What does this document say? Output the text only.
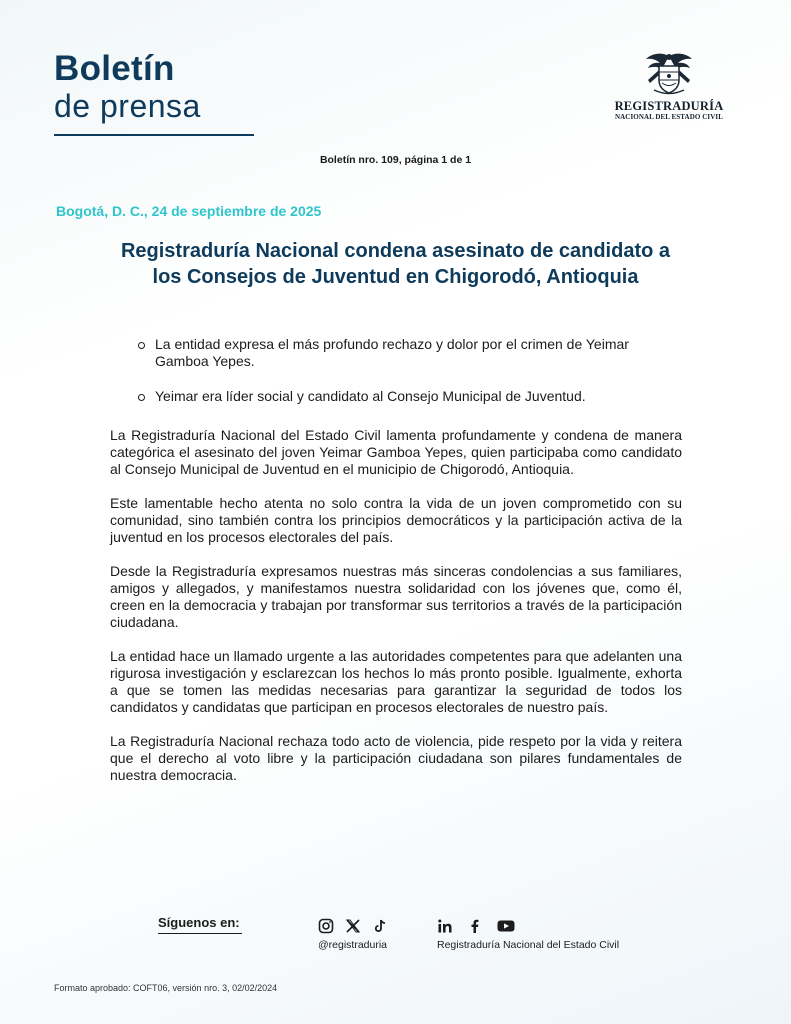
Boletín
de prensa	REGISTRADURÍA
NACIONAL DEL ESTADO CIVIL
Boletín nro. 109, página 1 de 1
Bogotá, D. C., 24 de septiembre de 2025
Registraduría Nacional condena asesinato de candidato a los Consejos de Juventud en Chigorodó, Antioquia
La entidad expresa el más profundo rechazo y dolor por el crimen de Yeimar Gamboa Yepes.
Yeimar era líder social y candidato al Consejo Municipal de Juventud.

La Registraduría Nacional del Estado Civil lamenta profundamente y condena de manera categórica el asesinato del joven Yeimar Gamboa Yepes, quien participaba como candidato al Consejo Municipal de Juventud en el municipio de Chigorodó, Antioquia.

Este lamentable hecho atenta no solo contra la vida de un joven comprometido con su comunidad, sino también contra los principios democráticos y la participación activa de la juventud en los procesos electorales del país.

Desde la Registraduría expresamos nuestras más sinceras condolencias a sus familiares, amigos y allegados, y manifestamos nuestra solidaridad con los jóvenes que, como él, creen en la democracia y trabajan por transformar sus territorios a través de la participación ciudadana.

La entidad hace un llamado urgente a las autoridades competentes para que adelanten una rigurosa investigación y esclarezcan los hechos lo más pronto posible. Igualmente, exhorta a que se tomen las medidas necesarias para garantizar la seguridad de todos los candidatos y candidatas que participan en procesos electorales de nuestro país.

La Registraduría Nacional rechaza todo acto de violencia, pide respeto por la vida y reitera que el derecho al voto libre y la participación ciudadana son pilares fundamentales de nuestra democracia.

Síguenos en:
@registraduria	Registraduría Nacional del Estado Civil
Formato aprobado: COFT06, versión nro. 3, 02/02/2024
